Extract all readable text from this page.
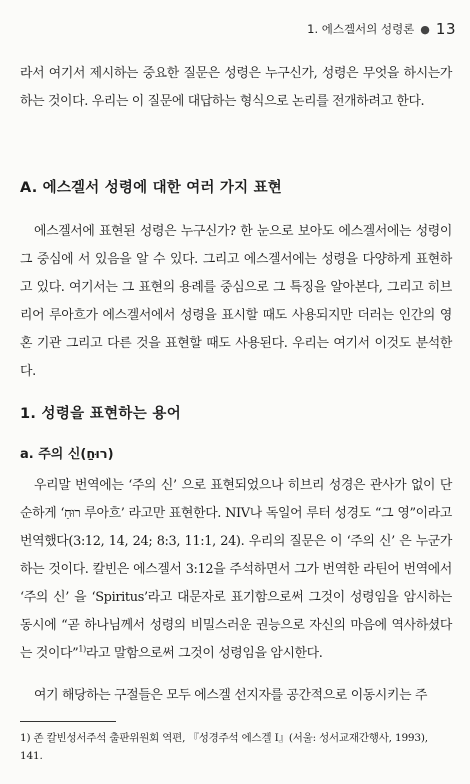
1. 에스겔서의 성령론 ● 13

라서 여기서 제시하는 중요한 질문은 성령은 누구신가, 성령은 무엇을 하시는가 하는 것이다. 우리는 이 질문에 대답하는 형식으로 논리를 전개하려고 한다.

A. 에스겔서 성령에 대한 여러 가지 표현

에스겔서에 표현된 성령은 누구신가? 한 눈으로 보아도 에스겔서에는 성령이 그 중심에 서 있음을 알 수 있다. 그리고 에스겔서에는 성령을 다양하게 표현하고 있다. 여기서는 그 표현의 용례를 중심으로 그 특징을 알아본다, 그리고 히브리어 루아흐가 에스겔서에서 성령을 표시할 때도 사용되지만 더러는 인간의 영혼 기관 그리고 다른 것을 표현할 때도 사용된다. 우리는 여기서 이것도 분석한다.

1. 성령을 표현하는 용어
a. 주의 신(רוּחַ)

우리말 번역에는 ‘주의 신’ 으로 표현되었으나 히브리 성경은 관사가 없이 단순하게 ‘רוּחַ 루아흐’ 라고만 표현한다. NIV나 독일어 루터 성경도 “그 영”이라고 번역했다(3:12, 14, 24; 8:3, 11:1, 24). 우리의 질문은 이 ‘주의 신’ 은 누군가 하는 것이다. 칼빈은 에스겔서 3:12을 주석하면서 그가 번역한 라틴어 번역에서 ‘주의 신’ 을 ‘Spiritus’라고 대문자로 표기함으로써 그것이 성령임을 암시하는 동시에 “곧 하나님께서 성령의 비밀스러운 권능으로 자신의 마음에 역사하셨다는 것이다”$^{1)}$라고 말함으로써 그것이 성령임을 암시한다.

여기 해당하는 구절들은 모두 에스겔 선지자를 공간적으로 이동시키는 주

1) 존 칼빈성서주석 출판위원회 역편, 『성경주석 에스겔 I』(서울: 성서교재간행사, 1993), 141.
